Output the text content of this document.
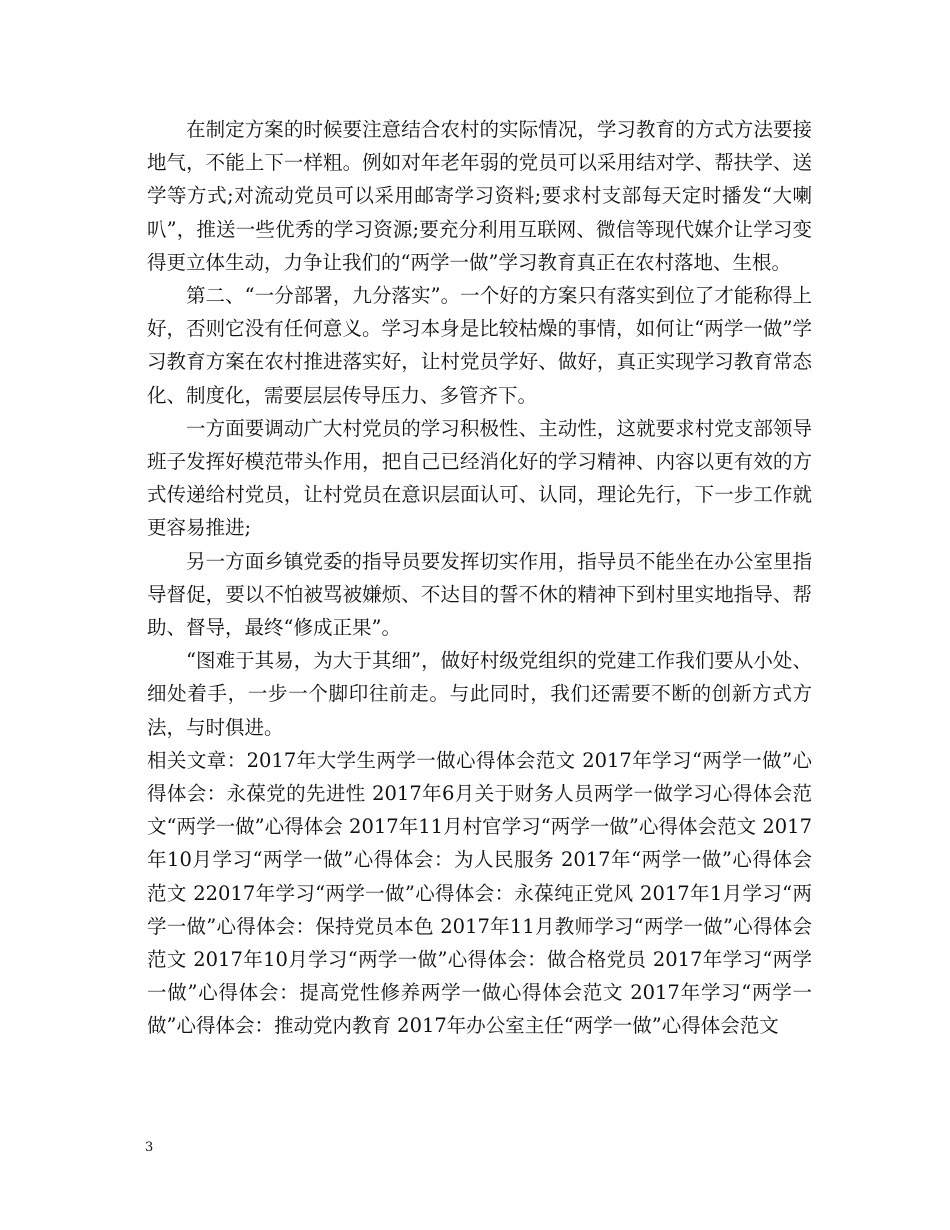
在制定方案的时候要注意结合农村的实际情况，学习教育的方式方法要接地气，不能上下一样粗。例如对年老年弱的党员可以采用结对学、帮扶学、送学等方式;对流动党员可以采用邮寄学习资料;要求村支部每天定时播发“大喇叭”，推送一些优秀的学习资源;要充分利用互联网、微信等现代媒介让学习变得更立体生动，力争让我们的“两学一做”学习教育真正在农村落地、生根。

第二、“一分部署，九分落实”。一个好的方案只有落实到位了才能称得上好，否则它没有任何意义。学习本身是比较枯燥的事情，如何让“两学一做”学习教育方案在农村推进落实好，让村党员学好、做好，真正实现学习教育常态化、制度化，需要层层传导压力、多管齐下。

一方面要调动广大村党员的学习积极性、主动性，这就要求村党支部领导班子发挥好模范带头作用，把自己已经消化好的学习精神、内容以更有效的方式传递给村党员，让村党员在意识层面认可、认同，理论先行，下一步工作就更容易推进;

另一方面乡镇党委的指导员要发挥切实作用，指导员不能坐在办公室里指导督促，要以不怕被骂被嫌烦、不达目的誓不休的精神下到村里实地指导、帮助、督导，最终“修成正果”。

“图难于其易，为大于其细”，做好村级党组织的党建工作我们要从小处、细处着手，一步一个脚印往前走。与此同时，我们还需要不断的创新方式方法，与时俱进。

相关文章：2017年大学生两学一做心得体会范文 2017年学习“两学一做”心得体会：永葆党的先进性 2017年6月关于财务人员两学一做学习心得体会范文“两学一做”心得体会 2017年11月村官学习“两学一做”心得体会范文 2017年10月学习“两学一做”心得体会：为人民服务 2017年“两学一做”心得体会范文 22017年学习“两学一做”心得体会：永葆纯正党风 2017年1月学习“两学一做”心得体会：保持党员本色 2017年11月教师学习“两学一做”心得体会范文 2017年10月学习“两学一做”心得体会：做合格党员 2017年学习“两学一做”心得体会：提高党性修养两学一做心得体会范文 2017年学习“两学一做”心得体会：推动党内教育 2017年办公室主任“两学一做”心得体会范文

3
